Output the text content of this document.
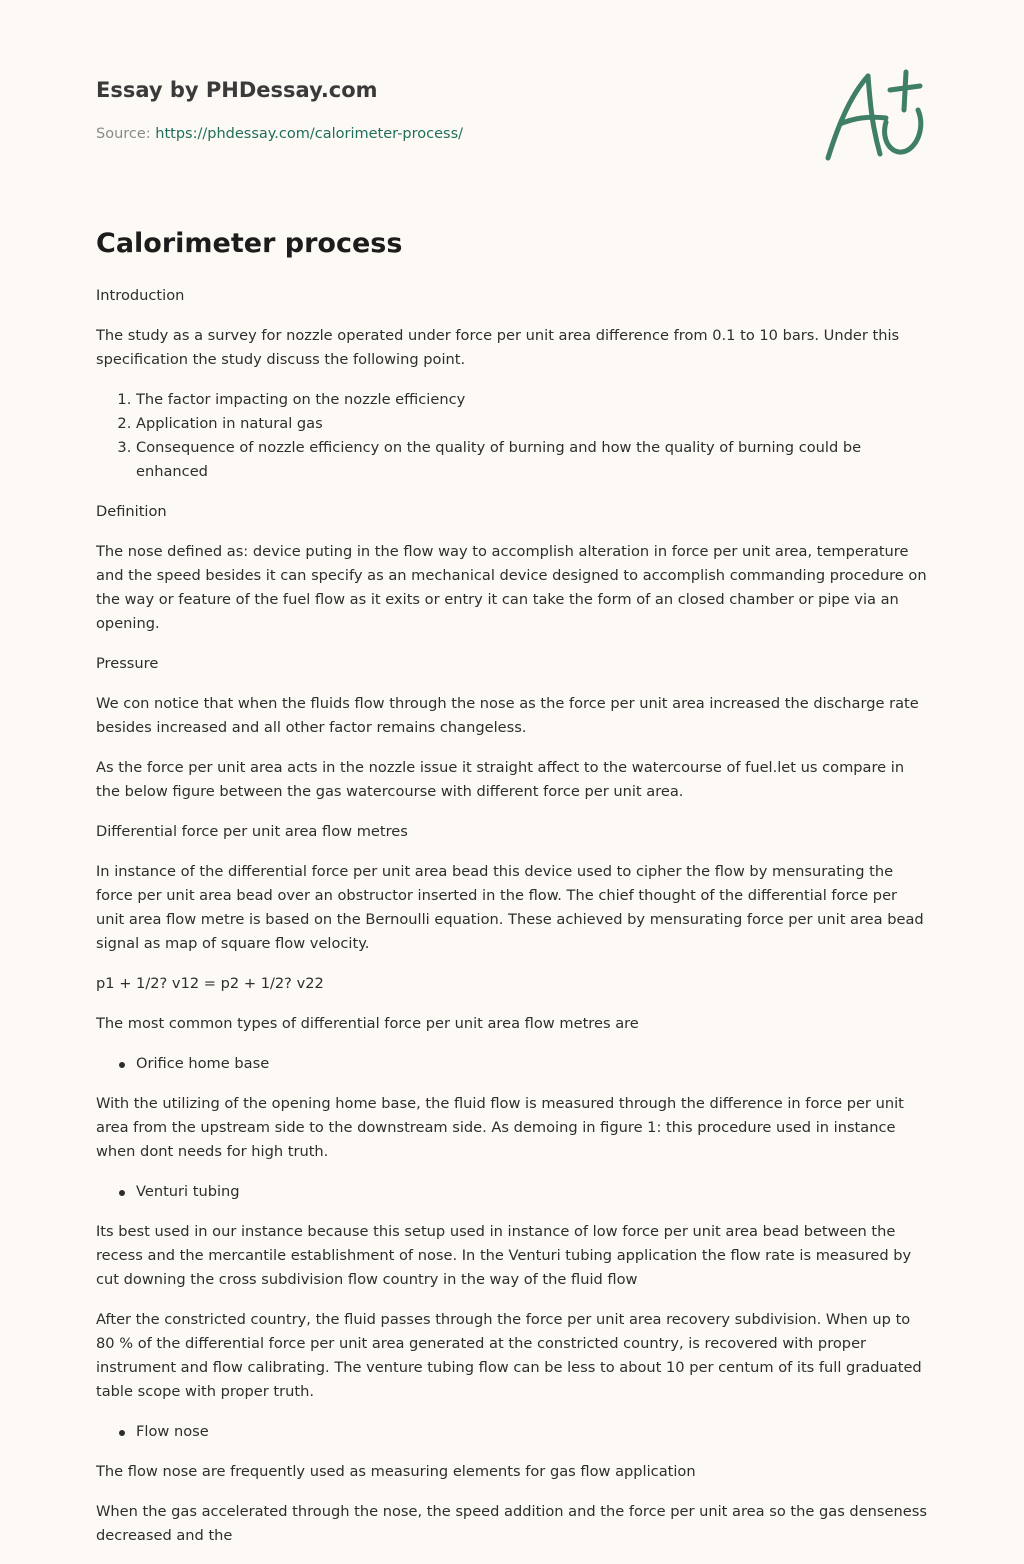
Essay by PHDessay.com
Source: https://phdessay.com/calorimeter-process/
Calorimeter process

Introduction

The study as a survey for nozzle operated under force per unit area difference from 0.1 to 10 bars. Under this specification the study discuss the following point.

1. The factor impacting on the nozzle efficiency
2. Application in natural gas
3. Consequence of nozzle efficiency on the quality of burning and how the quality of burning could be enhanced

Definition

The nose defined as: device puting in the flow way to accomplish alteration in force per unit area, temperature and the speed besides it can specify as an mechanical device designed to accomplish commanding procedure on the way or feature of the fuel flow as it exits or entry it can take the form of an closed chamber or pipe via an opening.

Pressure

We con notice that when the fluids flow through the nose as the force per unit area increased the discharge rate besides increased and all other factor remains changeless.

As the force per unit area acts in the nozzle issue it straight affect to the watercourse of fuel.let us compare in the below figure between the gas watercourse with different force per unit area.

Differential force per unit area flow metres

In instance of the differential force per unit area bead this device used to cipher the flow by mensurating the force per unit area bead over an obstructor inserted in the flow. The chief thought of the differential force per unit area flow metre is based on the Bernoulli equation. These achieved by mensurating force per unit area bead signal as map of square flow velocity.

p1 + 1/2? v12 = p2 + 1/2? v22

The most common types of differential force per unit area flow metres are

Orifice home base

With the utilizing of the opening home base, the fluid flow is measured through the difference in force per unit area from the upstream side to the downstream side. As demoing in figure 1: this procedure used in instance when dont needs for high truth.

Venturi tubing

Its best used in our instance because this setup used in instance of low force per unit area bead between the recess and the mercantile establishment of nose. In the Venturi tubing application the flow rate is measured by cut downing the cross subdivision flow country in the way of the fluid flow

After the constricted country, the fluid passes through the force per unit area recovery subdivision. When up to 80 % of the differential force per unit area generated at the constricted country, is recovered with proper instrument and flow calibrating. The venture tubing flow can be less to about 10 per centum of its full graduated table scope with proper truth.

Flow nose

The flow nose are frequently used as measuring elements for gas flow application

When the gas accelerated through the nose, the speed addition and the force per unit area so the gas denseness decreased and the
